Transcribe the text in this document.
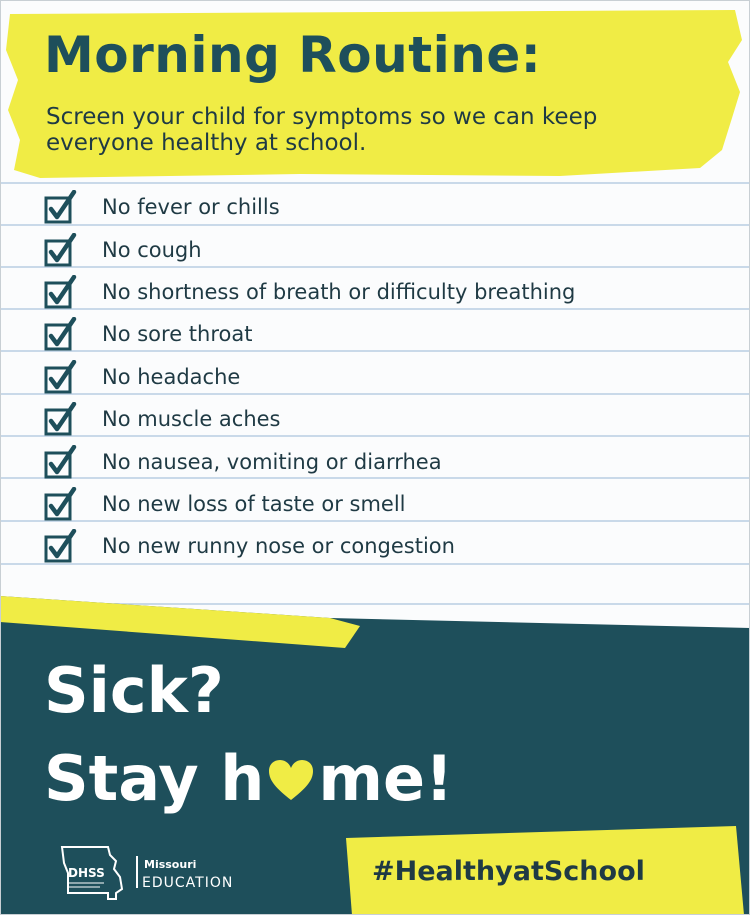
Morning Routine:

Screen your child for symptoms so we can keep everyone healthy at school.

No fever or chills
No cough
No shortness of breath or difficulty breathing
No sore throat
No headache
No muscle aches
No nausea, vomiting or diarrhea
No new loss of taste or smell
No new runny nose or congestion
Sick?
Stay h me!

#HealthyatSchool

DHSS
Missouri
EDUCATION
